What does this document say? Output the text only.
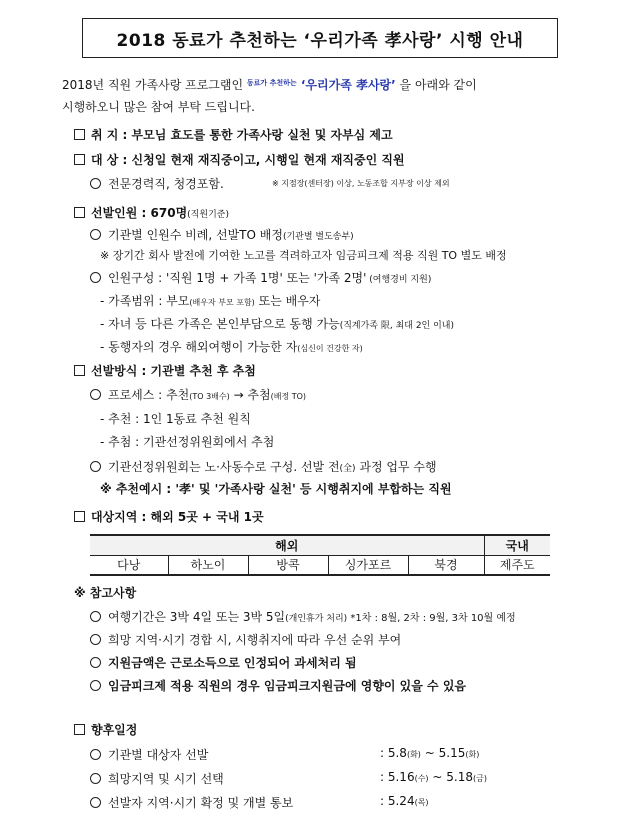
2018 동료가 추천하는 ‘우리가족 孝사랑’ 시행 안내
2018년 직원 가족사랑 프로그램인 $^{동료가 추천하는}$ ‘우리가족 孝사랑’ 을 아래와 같이
시행하오니 많은 참여 부탁 드립니다.
취 지 : 부모님 효도를 통한 가족사랑 실천 및 자부심 제고
대 상 : 신청일 현재 재직중이고, 시행일 현재 재직중인 직원
전문경력직, 청경포함.	※ 지점장(센터장) 이상, 노동조합 지부장 이상 제외
선발인원 : 670명(직원기준)
기관별 인원수 비례, 선발TO 배정(기관별 별도송부)
※ 장기간 회사 발전에 기여한 노고를 격려하고자 임금피크제 적용 직원 TO 별도 배정
인원구성 : '직원 1명 + 가족 1명' 또는 '가족 2명' (여행경비 지원)
- 가족범위 : 부모(배우자 부모 포함) 또는 배우자
- 자녀 등 다른 가족은 본인부담으로 동행 가능(직계가족 限, 최대 2인 이내)
- 동행자의 경우 해외여행이 가능한 자(심신이 건강한 자)
선발방식 : 기관별 추천 후 추첨
프로세스 : 추천(TO 3배수) → 추첨(배정 TO)
- 추천 : 1인 1동료 추천 원칙
- 추첨 : 기관선정위원회에서 추첨
기관선정위원회는 노·사동수로 구성. 선발 전(全) 과정 업무 수행
※ 추천예시 : '孝' 및 '가족사랑 실천' 등 시행취지에 부합하는 직원
대상지역 : 해외 5곳 + 국내 1곳
해외					국내
다낭	하노이	방콕	싱가포르	북경	제주도
※ 참고사항
여행기간은 3박 4일 또는 3박 5일(개인휴가 처리) *1차 : 8월, 2차 : 9월, 3차 10월 예정
희망 지역·시기 경합 시, 시행취지에 따라 우선 순위 부여
지원금액은 근로소득으로 인정되어 과세처리 됨
임금피크제 적용 직원의 경우 임금피크지원금에 영향이 있을 수 있음
향후일정
기관별 대상자 선발	: 5.8(화) ~ 5.15(화)
희망지역 및 시기 선택	: 5.16(수) ~ 5.18(금)
선발자 지역·시기 확정 및 개별 통보	: 5.24(목)
